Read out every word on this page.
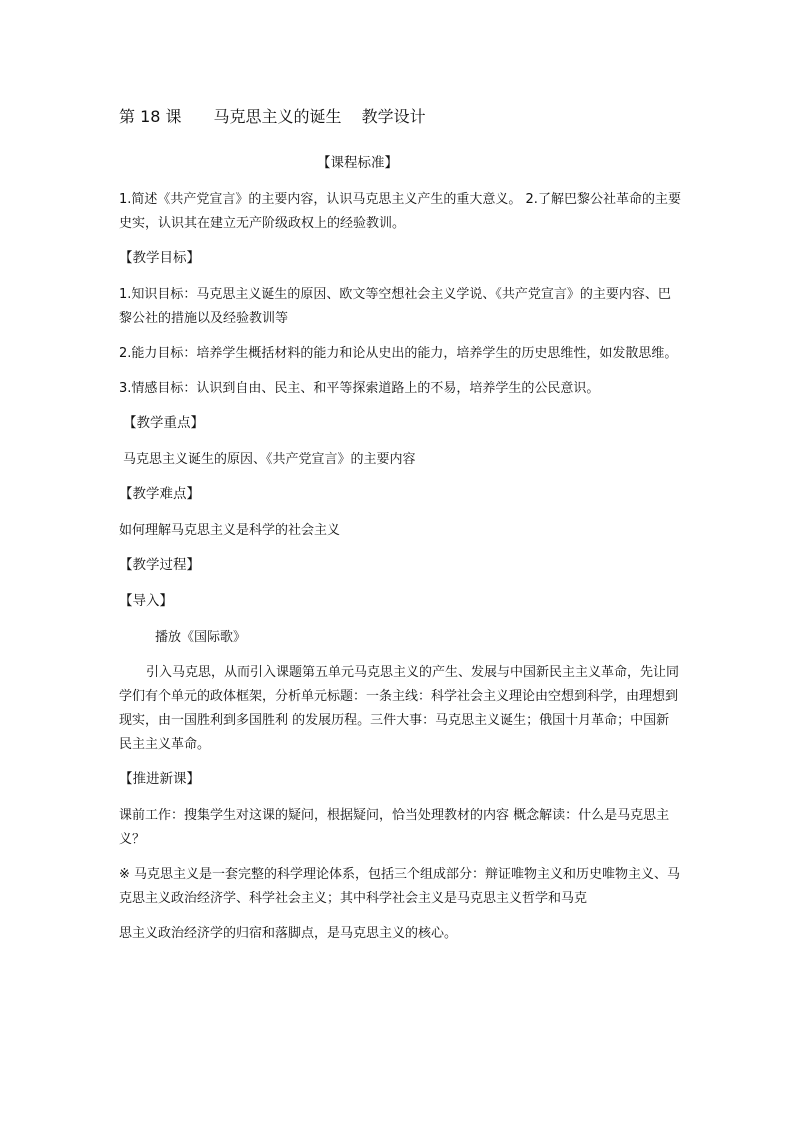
第 18 课 马克思主义的诞生 教学设计
【课程标准】

1.简述《共产党宣言》的主要内容，认识马克思主义产生的重大意义。 2.了解巴黎公社革命的主要史实，认识其在建立无产阶级政权上的经验教训。

【教学目标】

1.知识目标：马克思主义诞生的原因、欧文等空想社会主义学说、《共产党宣言》的主要内容、巴黎公社的措施以及经验教训等

2.能力目标：培养学生概括材料的能力和论从史出的能力，培养学生的历史思维性，如发散思维。

3.情感目标：认识到自由、民主、和平等探索道路上的不易，培养学生的公民意识。

【教学重点】

马克思主义诞生的原因、《共产党宣言》的主要内容

【教学难点】

如何理解马克思主义是科学的社会主义

【教学过程】
【导入】

播放《国际歌》

引入马克思，从而引入课题第五单元马克思主义的产生、发展与中国新民主主义革命，先让同学们有个单元的政体框架，分析单元标题：一条主线：科学社会主义理论由空想到科学，由理想到现实，由一国胜利到多国胜利 的发展历程。三件大事：马克思主义诞生；俄国十月革命；中国新民主主义革命。

【推进新课】

课前工作：搜集学生对这课的疑问，根据疑问，恰当处理教材的内容 概念解读：什么是马克思主义？

※ 马克思主义是一套完整的科学理论体系，包括三个组成部分：辩证唯物主义和历史唯物主义、马克思主义政治经济学、科学社会主义；其中科学社会主义是马克思主义哲学和马克

思主义政治经济学的归宿和落脚点，是马克思主义的核心。
